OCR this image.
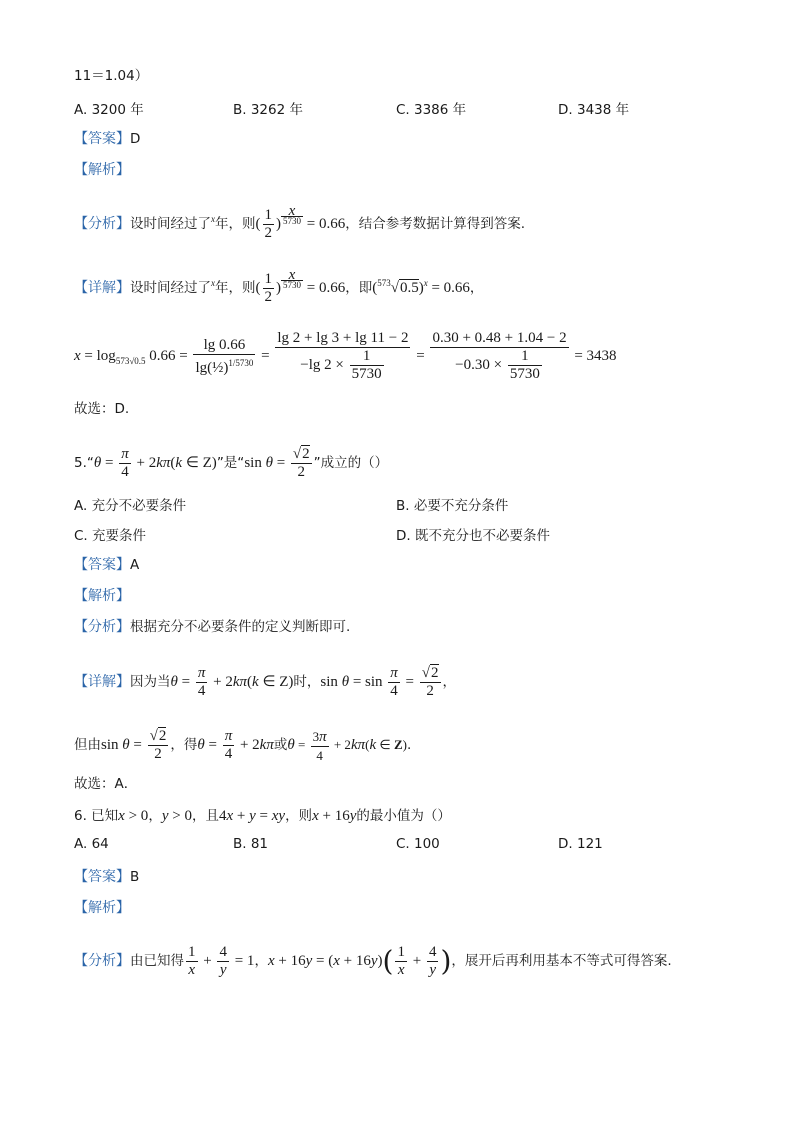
11＝1.04）
A. 3200 年	B. 3262 年	C. 3386 年	D. 3438 年
【答案】D
【解析】
【分析】设时间经过了$^x$年，则( $\frac{1}{2}$ )
$^{x 5730}$ = 0.66，结合参考数据计算得到答案.
【详解】设时间经过了$^x$年，则( $\frac{1}{2}$ )
$^{x 5730}$ = 0.66，即$(^{573}√0.5)^x = 0.66$，
$x = \log_{573√0.5} 0.66 = \frac{\lg 0.66}{\lg(\frac{1}{2})^{1/5730}} = \frac{\lg 2 + \lg 3 + \lg 11 - 2}{-\lg 2 \times \frac{1}{5730}} = \frac{0.30 + 0.48 + 1.04 - 2}{-0.30 \times \frac{1}{5730}} = 3438$
故选：D.
5.“θ = $\frac{\pi}{4} + 2k\pi(k$ ∈ Z)”是“sin $\theta = \frac{√2}{2}$ ”成立的（）
A. 充分不必要条件	B. 必要不充分条件
C. 充要条件	D. 既不充分也不必要条件
【答案】A
【解析】
【分析】根据充分不必要条件的定义判断即可.
【详解】因为当$\theta = \frac{\pi}{4} + 2k\pi(k$ ∈ Z)时，$\sin \theta = \sin \frac{\pi}{4} = \frac{√2}{2}$ ，
但由$\sin \theta = \frac{√2}{2}$ ，得$\theta = \frac{\pi}{4} + 2k\pi$或$\theta = \frac{3\pi}{4} + 2k\pi(k$ ∈ Z).
故选：A．
6. 已知x > 0，y > 0，且4x + y = xy，则x + 16y的最小值为（）
A. 64	B. 81	C. 100	D. 121
【答案】B
【解析】
【分析】由已知得 $\frac{1}{x} + \frac{4}{y} = 1$，$x + 16y = (x + 16y)( \frac{1}{x} + \frac{4}{y}$ )，展开后再利用基本不等式可得答案.
